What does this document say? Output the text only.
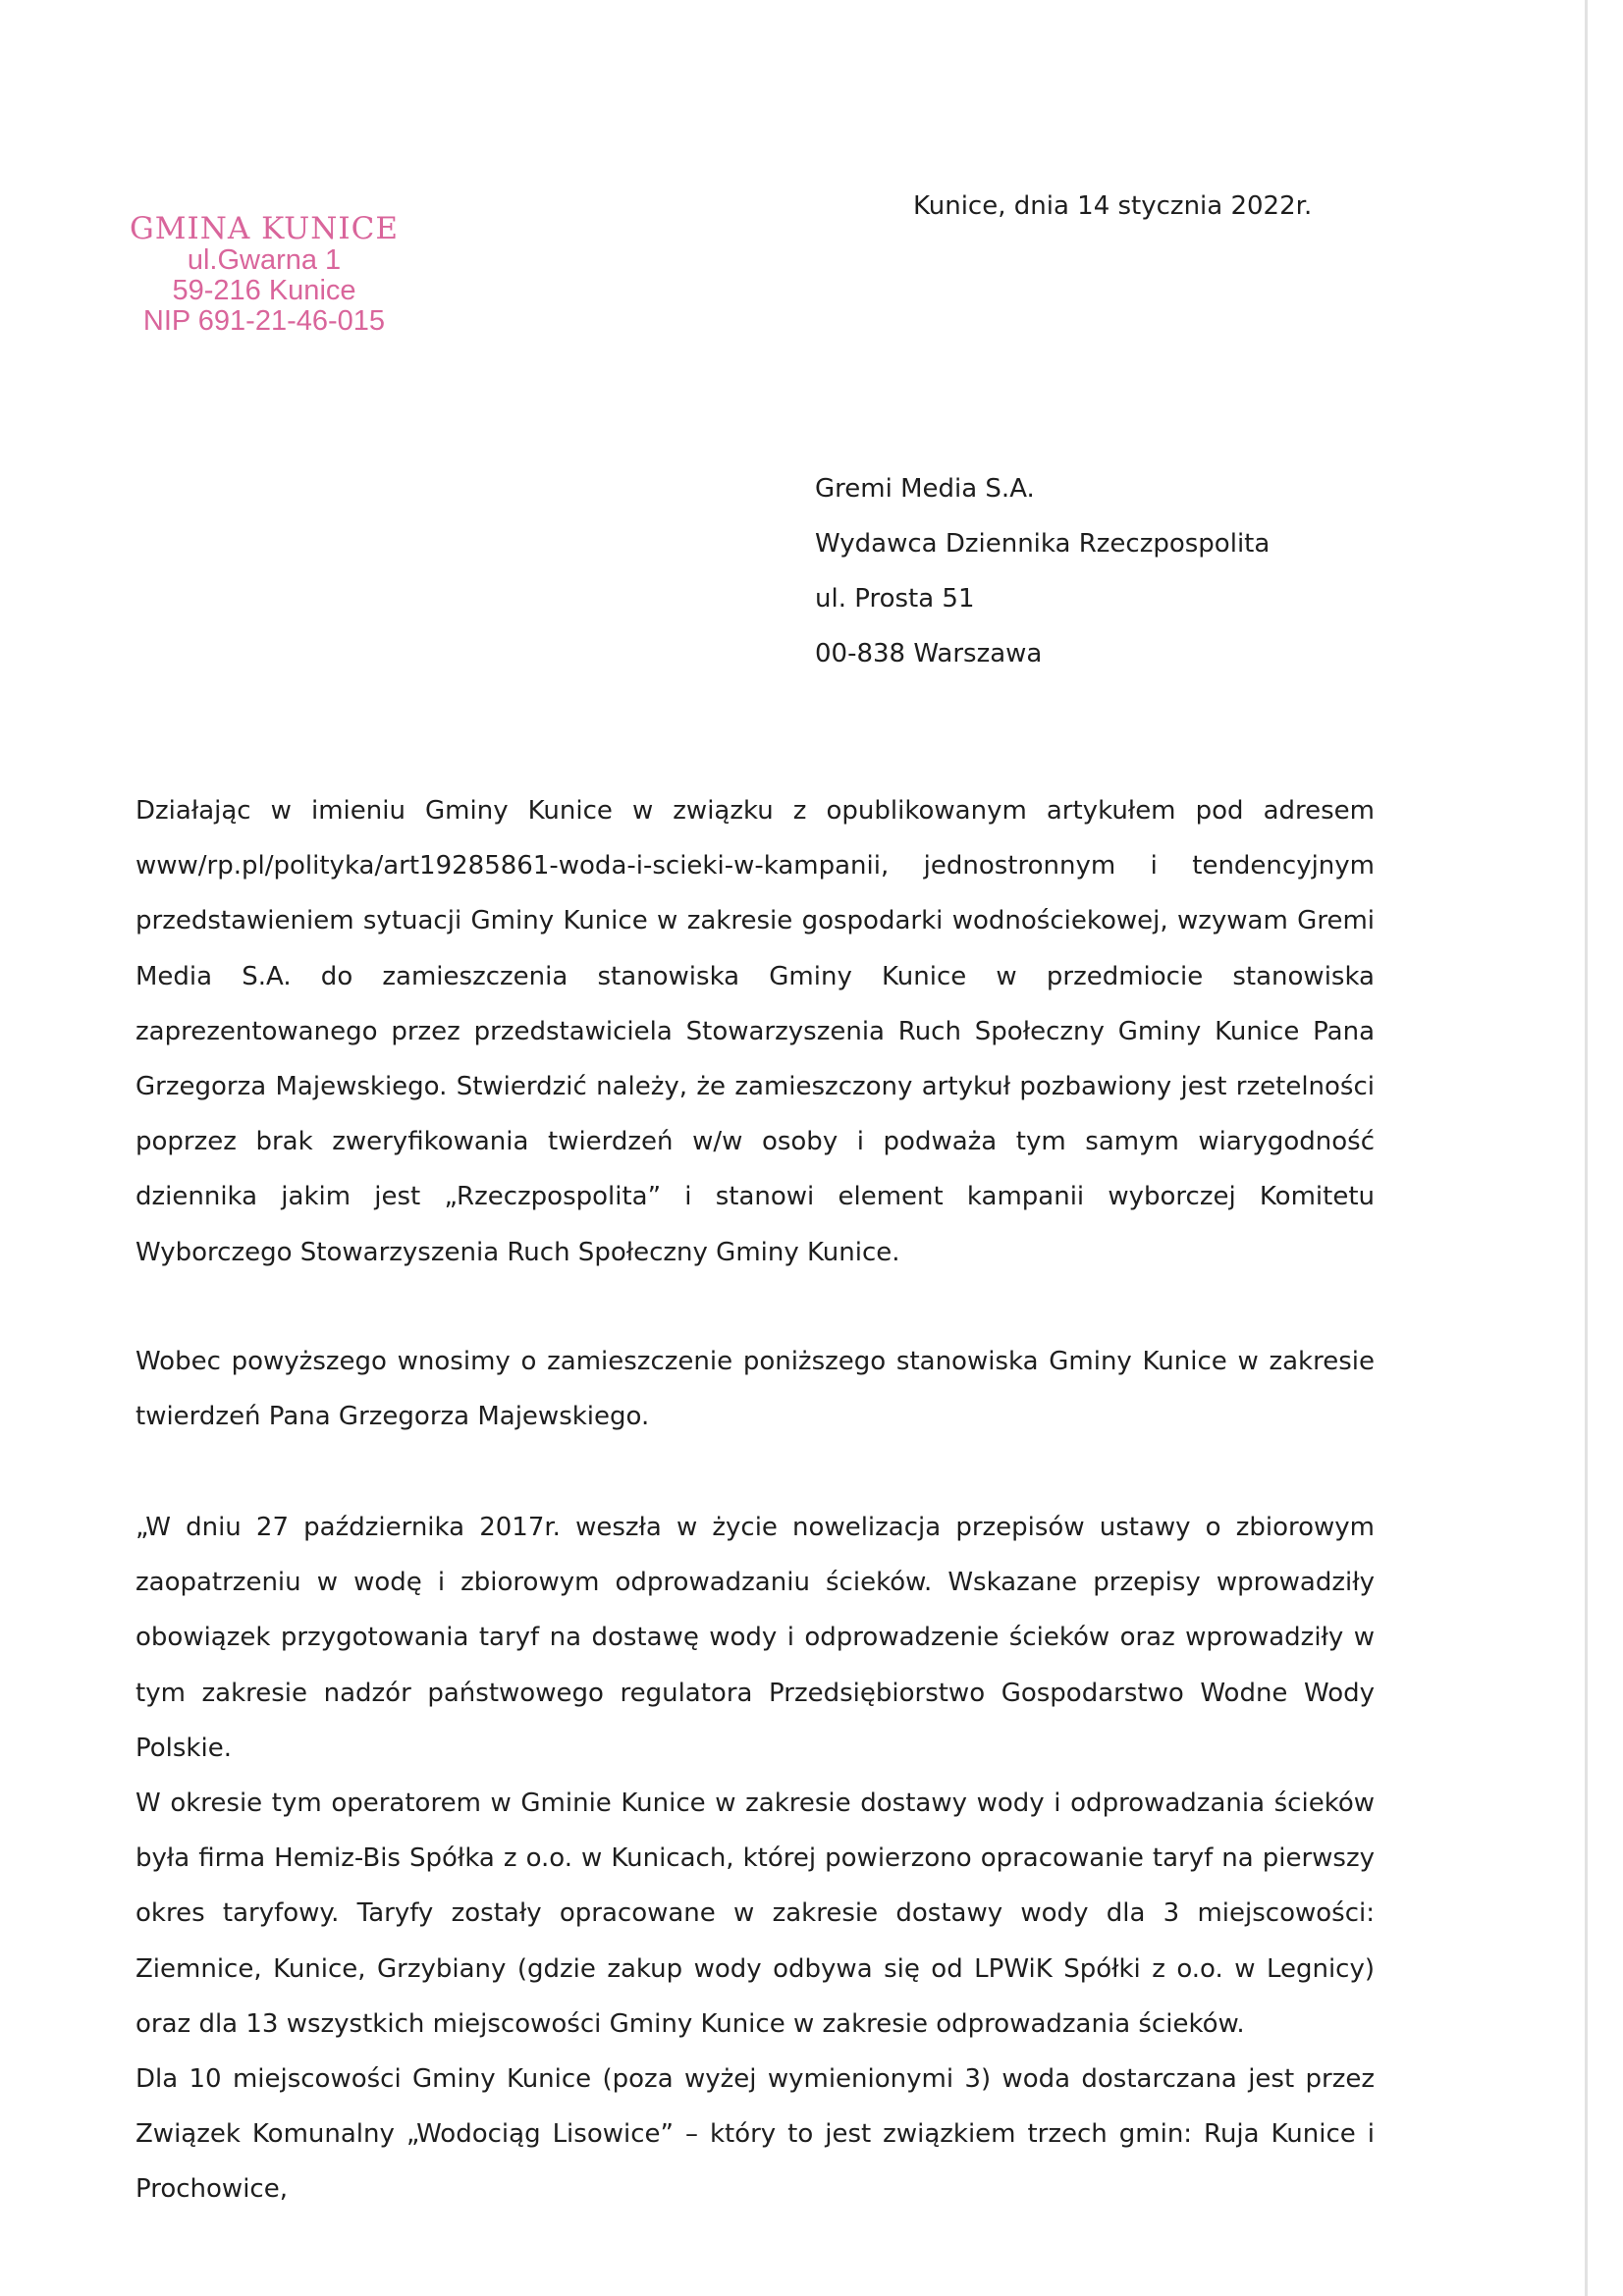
GMINA KUNICE
ul.Gwarna 1
59-216 Kunice
NIP 691-21-46-015
Kunice, dnia 14 stycznia 2022r.
Gremi Media S.A.
Wydawca Dziennika Rzeczpospolita
ul. Prosta 51
00-838 Warszawa

Działając w imieniu Gminy Kunice w związku z opublikowanym artykułem pod adresem www/rp.pl/polityka/art19285861-woda-i-scieki-w-kampanii, jednostronnym i tendencyjnym przedstawieniem sytuacji Gminy Kunice w zakresie gospodarki wodnościekowej, wzywam Gremi Media S.A. do zamieszczenia stanowiska Gminy Kunice w przedmiocie stanowiska zaprezentowanego przez przedstawiciela Stowarzyszenia Ruch Społeczny Gminy Kunice Pana Grzegorza Majewskiego. Stwierdzić należy, że zamieszczony artykuł pozbawiony jest rzetelności poprzez brak zweryfikowania twierdzeń w/w osoby i podważa tym samym wiarygodność dziennika jakim jest „Rzeczpospolita” i stanowi element kampanii wyborczej Komitetu Wyborczego Stowarzyszenia Ruch Społeczny Gminy Kunice.

Wobec powyższego wnosimy o zamieszczenie poniższego stanowiska Gminy Kunice w zakresie twierdzeń Pana Grzegorza Majewskiego.

„W dniu 27 października 2017r. weszła w życie nowelizacja przepisów ustawy o zbiorowym zaopatrzeniu w wodę i zbiorowym odprowadzaniu ścieków. Wskazane przepisy wprowadziły obowiązek przygotowania taryf na dostawę wody i odprowadzenie ścieków oraz wprowadziły w tym zakresie nadzór państwowego regulatora Przedsiębiorstwo Gospodarstwo Wodne Wody Polskie.
W okresie tym operatorem w Gminie Kunice w zakresie dostawy wody i odprowadzania ścieków była firma Hemiz-Bis Spółka z o.o. w Kunicach, której powierzono opracowanie taryf na pierwszy okres taryfowy. Taryfy zostały opracowane w zakresie dostawy wody dla 3 miejscowości: Ziemnice, Kunice, Grzybiany (gdzie zakup wody odbywa się od LPWiK Spółki z o.o. w Legnicy) oraz dla 13 wszystkich miejscowości Gminy Kunice w zakresie odprowadzania ścieków.
Dla 10 miejscowości Gminy Kunice (poza wyżej wymienionymi 3) woda dostarczana jest przez Związek Komunalny „Wodociąg Lisowice” – który to jest związkiem trzech gmin: Ruja Kunice i Prochowice,
